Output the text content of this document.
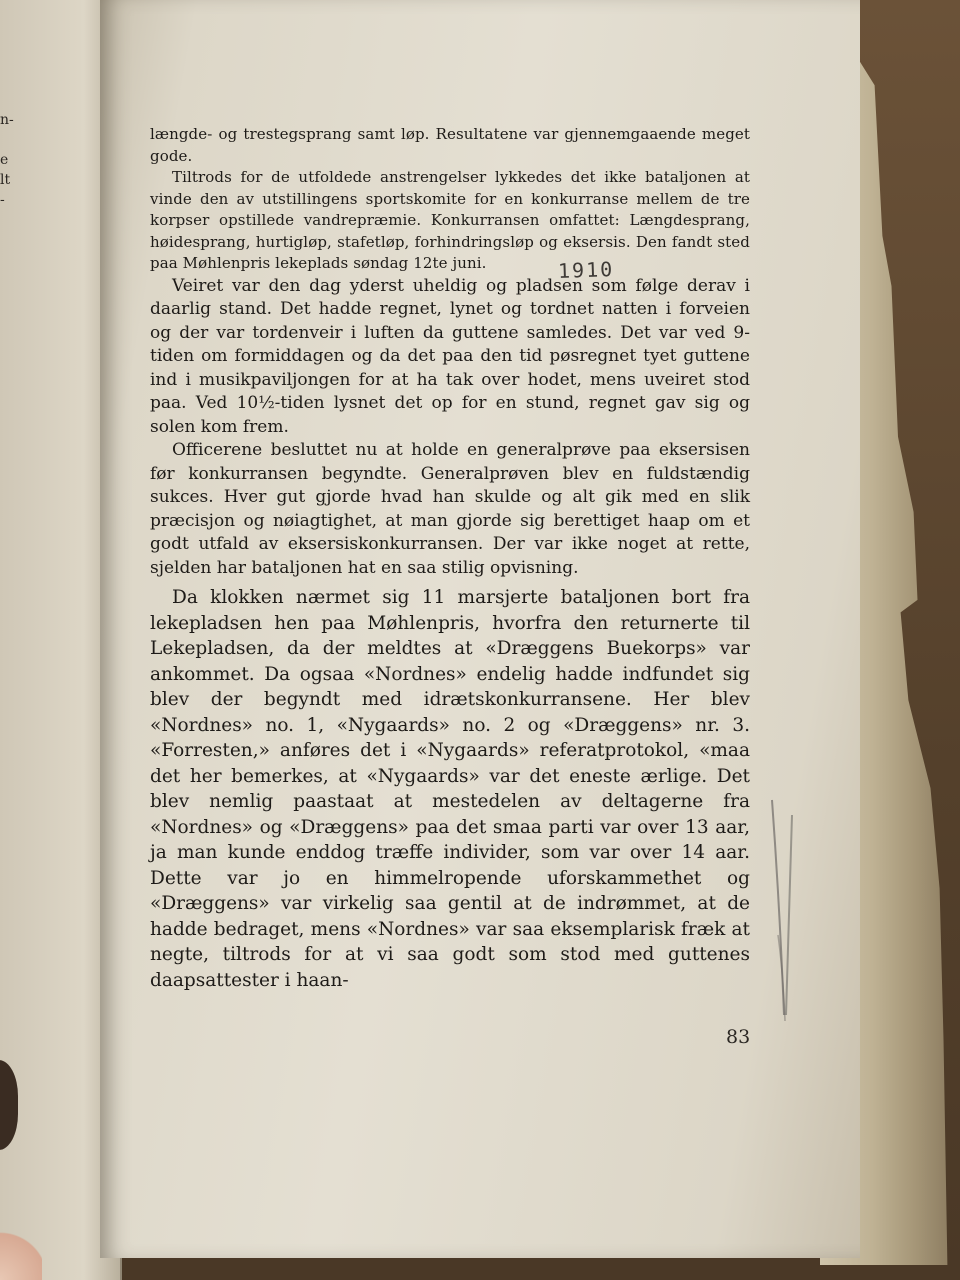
n-
e
lt
-

længde- og trestegsprang samt løp. Resultatene var gjennemgaaende meget gode.

Tiltrods for de utfoldede anstrengelser lykkedes det ikke bataljonen at vinde den av utstillingens sportskomite for en konkurranse mellem de tre korpser opstillede vandrepræmie. Konkurransen omfattet: Længdesprang, høidesprang, hurtigløp, stafetløp, forhindringsløp og eksersis. Den fandt sted paa Møhlenpris lekeplads søndag 12te juni.

Veiret var den dag yderst uheldig og pladsen som følge derav i daarlig stand. Det hadde regnet, lynet og tordnet natten i forveien og der var tordenveir i luften da guttene samledes. Det var ved 9-tiden om formiddagen og da det paa den tid pøsregnet tyet guttene ind i musikpaviljongen for at ha tak over hodet, mens uveiret stod paa. Ved 10½-tiden lysnet det op for en stund, regnet gav sig og solen kom frem.

Officerene besluttet nu at holde en generalprøve paa eksersisen før konkurransen begyndte. Generalprøven blev en fuldstændig sukces. Hver gut gjorde hvad han skulde og alt gik med en slik præcisjon og nøiagtighet, at man gjorde sig berettiget haap om et godt utfald av eksersiskonkurransen. Der var ikke noget at rette, sjelden har bataljonen hat en saa stilig opvisning.

Da klokken nærmet sig 11 marsjerte bataljonen bort fra lekepladsen hen paa Møhlenpris, hvorfra den returnerte til Lekepladsen, da der meldtes at «Dræggens Buekorps» var ankommet. Da ogsaa «Nordnes» endelig hadde indfundet sig blev der begyndt med idrætskonkurransene. Her blev «Nordnes» no. 1, «Nygaards» no. 2 og «Dræggens» nr. 3. «Forresten,» anføres det i «Nygaards» referatprotokol, «maa det her bemerkes, at «Nygaards» var det eneste ærlige. Det blev nemlig paastaat at mestedelen av deltagerne fra «Nordnes» og «Dræggens» paa det smaa parti var over 13 aar, ja man kunde enddog træffe individer, som var over 14 aar. Dette var jo en himmelropende uforskammethet og «Dræggens» var virkelig saa gentil at de indrømmet, at de hadde bedraget, mens «Nordnes» var saa eksemplarisk fræk at negte, tiltrods for at vi saa godt som stod med guttenes daapsattester i haan-

1910
83
